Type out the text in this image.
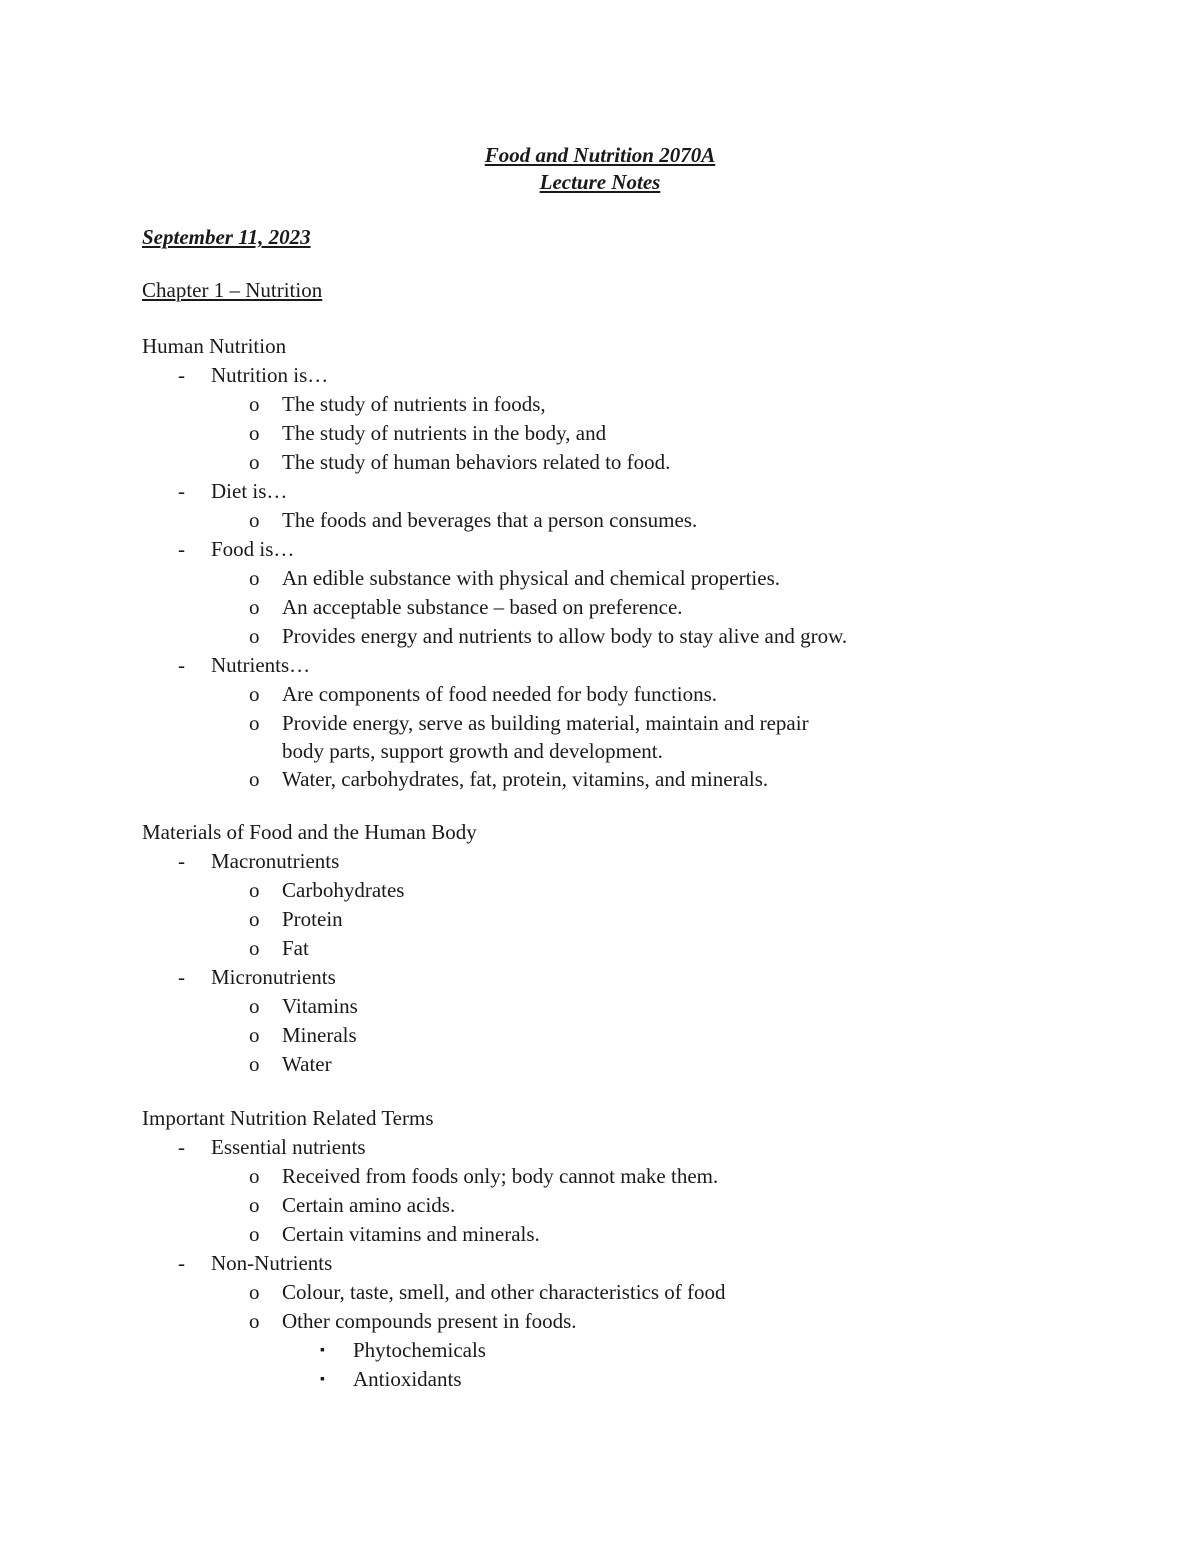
Food and Nutrition 2070A
Lecture Notes
September 11, 2023
Chapter 1 – Nutrition
Human Nutrition
- Nutrition is…
o The study of nutrients in foods,
o The study of nutrients in the body, and
o The study of human behaviors related to food.
- Diet is…
o The foods and beverages that a person consumes.
- Food is…
o An edible substance with physical and chemical properties.
o An acceptable substance – based on preference.
o Provides energy and nutrients to allow body to stay alive and grow.
- Nutrients…
o Are components of food needed for body functions.
o Provide energy, serve as building material, maintain and repair body parts, support growth and development.
o Water, carbohydrates, fat, protein, vitamins, and minerals.
Materials of Food and the Human Body
- Macronutrients
o Carbohydrates
o Protein
o Fat
- Micronutrients
o Vitamins
o Minerals
o Water
Important Nutrition Related Terms
- Essential nutrients
o Received from foods only; body cannot make them.
o Certain amino acids.
o Certain vitamins and minerals.
- Non-Nutrients
o Colour, taste, smell, and other characteristics of food
o Other compounds present in foods.
▪ Phytochemicals
▪ Antioxidants
